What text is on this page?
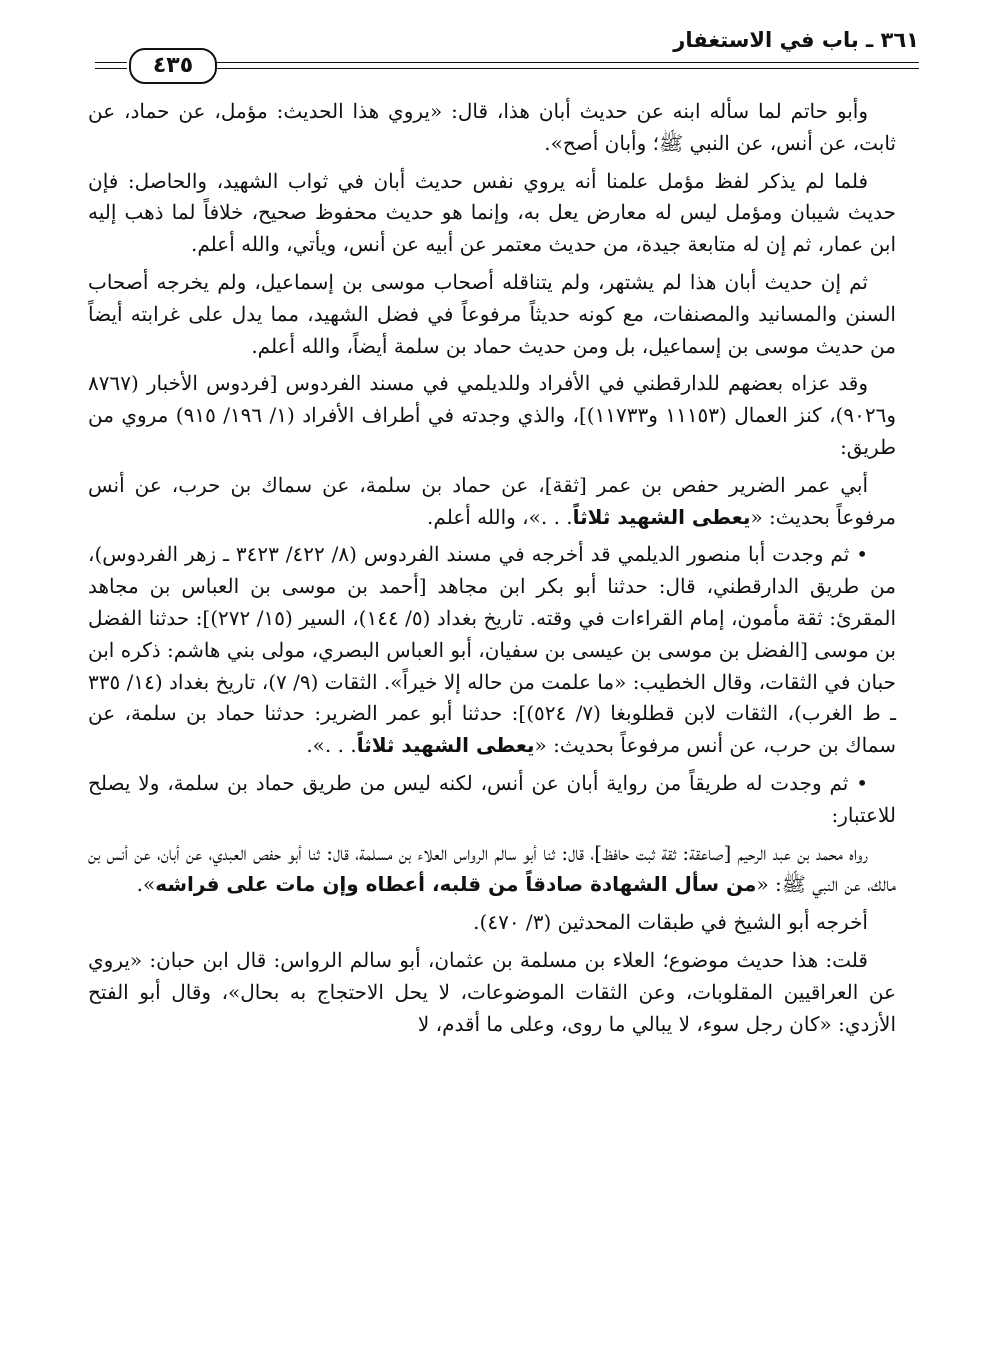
٤٣٥
٣٦١ ـ باب في الاستغفار

وأبو حاتم لما سأله ابنه عن حديث أبان هذا، قال: «يروي هذا الحديث: مؤمل، عن حماد، عن ثابت، عن أنس، عن النبي ﷺ؛ وأبان أصح».

فلما لم يذكر لفظ مؤمل علمنا أنه يروي نفس حديث أبان في ثواب الشهيد، والحاصل: فإن حديث شيبان ومؤمل ليس له معارض يعل به، وإنما هو حديث محفوظ صحيح، خلافاً لما ذهب إليه ابن عمار، ثم إن له متابعة جيدة، من حديث معتمر عن أبيه عن أنس، ويأتي، والله أعلم.

ثم إن حديث أبان هذا لم يشتهر، ولم يتناقله أصحاب موسى بن إسماعيل، ولم يخرجه أصحاب السنن والمسانيد والمصنفات، مع كونه حديثاً مرفوعاً في فضل الشهيد، مما يدل على غرابته أيضاً من حديث موسى بن إسماعيل، بل ومن حديث حماد بن سلمة أيضاً، والله أعلم.

وقد عزاه بعضهم للدارقطني في الأفراد وللديلمي في مسند الفردوس [فردوس الأخبار (٨٧٦٧ و٩٠٢٦)، كنز العمال (١١١٥٣ و١١٧٣٣)]، والذي وجدته في أطراف الأفراد (١/ ١٩٦/ ٩١٥) مروي من طريق:

أبي عمر الضرير حفص بن عمر [ثقة]، عن حماد بن سلمة، عن سماك بن حرب، عن أنس مرفوعاً بحديث: «يعطى الشهيد ثلاثاً. . .»، والله أعلم.

• ثم وجدت أبا منصور الديلمي قد أخرجه في مسند الفردوس (٨/ ٤٢٢/ ٣٤٢٣ ـ زهر الفردوس)، من طريق الدارقطني، قال: حدثنا أبو بكر ابن مجاهد [أحمد بن موسى بن العباس بن مجاهد المقرئ: ثقة مأمون، إمام القراءات في وقته. تاريخ بغداد (٥/ ١٤٤)، السير (١٥/ ٢٧٢)]: حدثنا الفضل بن موسى [الفضل بن موسى بن عيسى بن سفيان، أبو العباس البصري، مولى بني هاشم: ذكره ابن حبان في الثقات، وقال الخطيب: «ما علمت من حاله إلا خيراً». الثقات (٩/ ٧)، تاريخ بغداد (١٤/ ٣٣٥ ـ ط الغرب)، الثقات لابن قطلوبغا (٧/ ٥٢٤)]: حدثنا أبو عمر الضرير: حدثنا حماد بن سلمة، عن سماك بن حرب، عن أنس مرفوعاً بحديث: «يعطى الشهيد ثلاثاً. . .».

• ثم وجدت له طريقاً من رواية أبان عن أنس، لكنه ليس من طريق حماد بن سلمة، ولا يصلح للاعتبار:

رواه محمد بن عبد الرحيم [صاعقة: ثقة ثبت حافظ]، قال: ثنا أبو سالم الرواس العلاء بن مسلمة، قال: ثنا أبو حفص العبدي، عن أبان، عن أنس بن مالك، عن النبي ﷺ: «من سأل الشهادة صادقاً من قلبه، أعطاه وإن مات على فراشه».

أخرجه أبو الشيخ في طبقات المحدثين (٣/ ٤٧٠).

قلت: هذا حديث موضوع؛ العلاء بن مسلمة بن عثمان، أبو سالم الرواس: قال ابن حبان: «يروي عن العراقيين المقلوبات، وعن الثقات الموضوعات، لا يحل الاحتجاج به بحال»، وقال أبو الفتح الأزدي: «كان رجل سوء، لا يبالي ما روى، وعلى ما أقدم، لا
